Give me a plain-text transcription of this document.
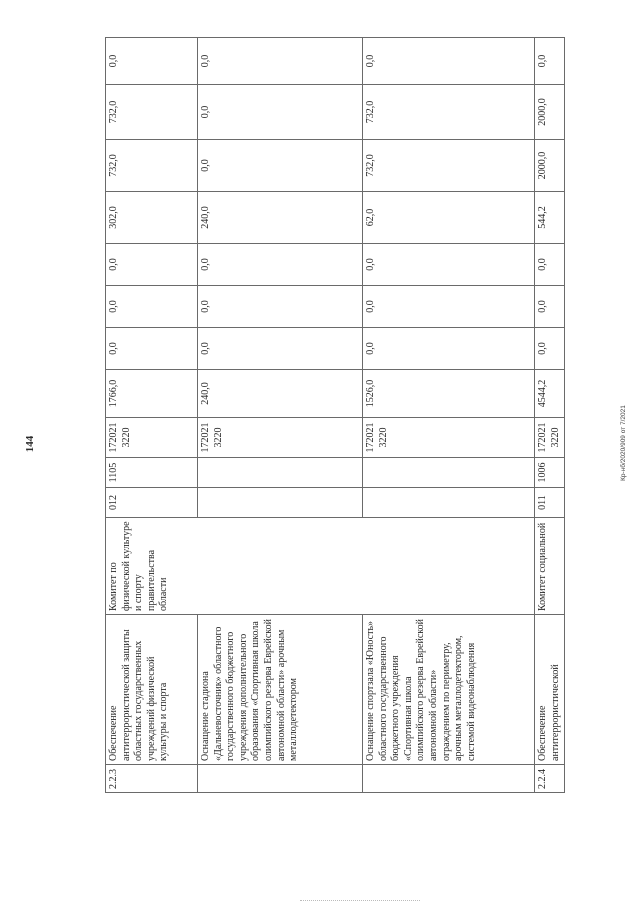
144
2.2.3	Обеспечение антитеррористической защиты областных государственных учреждений физической культуры и спорта	Комитет по физической культуре и спорту правительства области	012	1105	1720213220	1766,0	0,0	0,0	0,0	302,0	732,0	732,0	0,0
	Оснащение стадиона «Дальневосточник» областного государственного бюджетного учреждения дополнительного образования «Спортивная школа олимпийского резерва Еврейской автономной области» арочным металлодетектором				1720213220	240,0	0,0	0,0	0,0	240,0	0,0	0,0	0,0
	Оснащение спортзала «Юность» областного государственного бюджетного учреждения «Спортивная школа олимпийского резерва Еврейской автономной области» ограждением по периметру, арочным металлодетектором, системой видеонаблюдения				1720213220	1526,0	0,0	0,0	0,0	62,0	732,0	732,0	0,0
2.2.4	Обеспечение антитеррористической	Комитет социальной	011	1006	1720213220	4544,2	0,0	0,0	0,0	544,2	2000,0	2000,0	0,0
Кр-нб/2020/909 от 7/2021
